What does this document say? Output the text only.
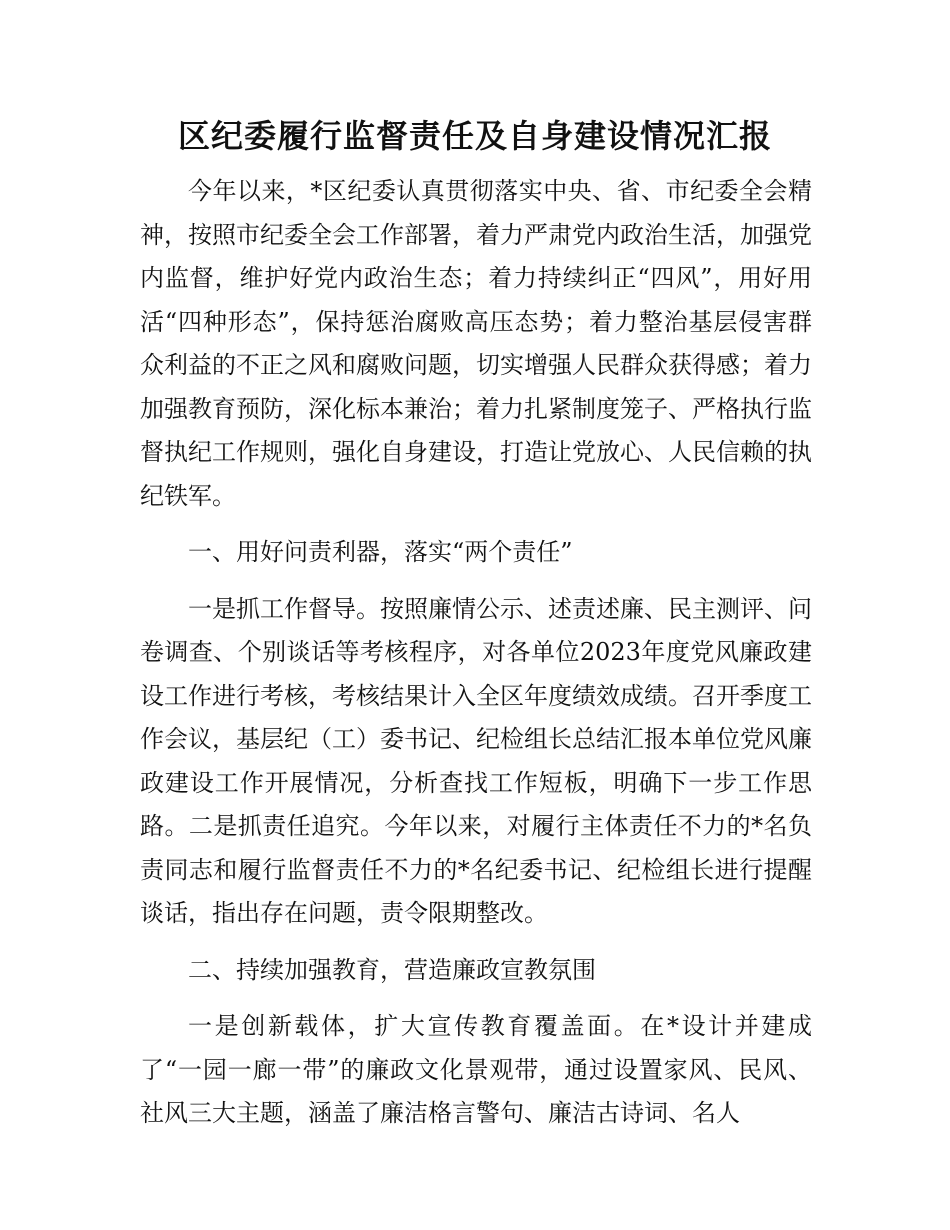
区纪委履行监督责任及自身建设情况汇报

今年以来，*区纪委认真贯彻落实中央、省、市纪委全会精神，按照市纪委全会工作部署，着力严肃党内政治生活，加强党内监督，维护好党内政治生态；着力持续纠正“四风”，用好用活“四种形态”，保持惩治腐败高压态势；着力整治基层侵害群众利益的不正之风和腐败问题，切实增强人民群众获得感；着力加强教育预防，深化标本兼治；着力扎紧制度笼子、严格执行监督执纪工作规则，强化自身建设，打造让党放心、人民信赖的执纪铁军。

一、用好问责利器，落实“两个责任”

一是抓工作督导。按照廉情公示、述责述廉、民主测评、问卷调查、个别谈话等考核程序，对各单位2023年度党风廉政建设工作进行考核，考核结果计入全区年度绩效成绩。召开季度工作会议，基层纪（工）委书记、纪检组长总结汇报本单位党风廉政建设工作开展情况，分析查找工作短板，明确下一步工作思路。二是抓责任追究。今年以来，对履行主体责任不力的*名负责同志和履行监督责任不力的*名纪委书记、纪检组长进行提醒谈话，指出存在问题，责令限期整改。

二、持续加强教育，营造廉政宣教氛围

一是创新载体，扩大宣传教育覆盖面。在*设计并建成了“一园一廊一带”的廉政文化景观带，通过设置家风、民风、社风三大主题，涵盖了廉洁格言警句、廉洁古诗词、名人
